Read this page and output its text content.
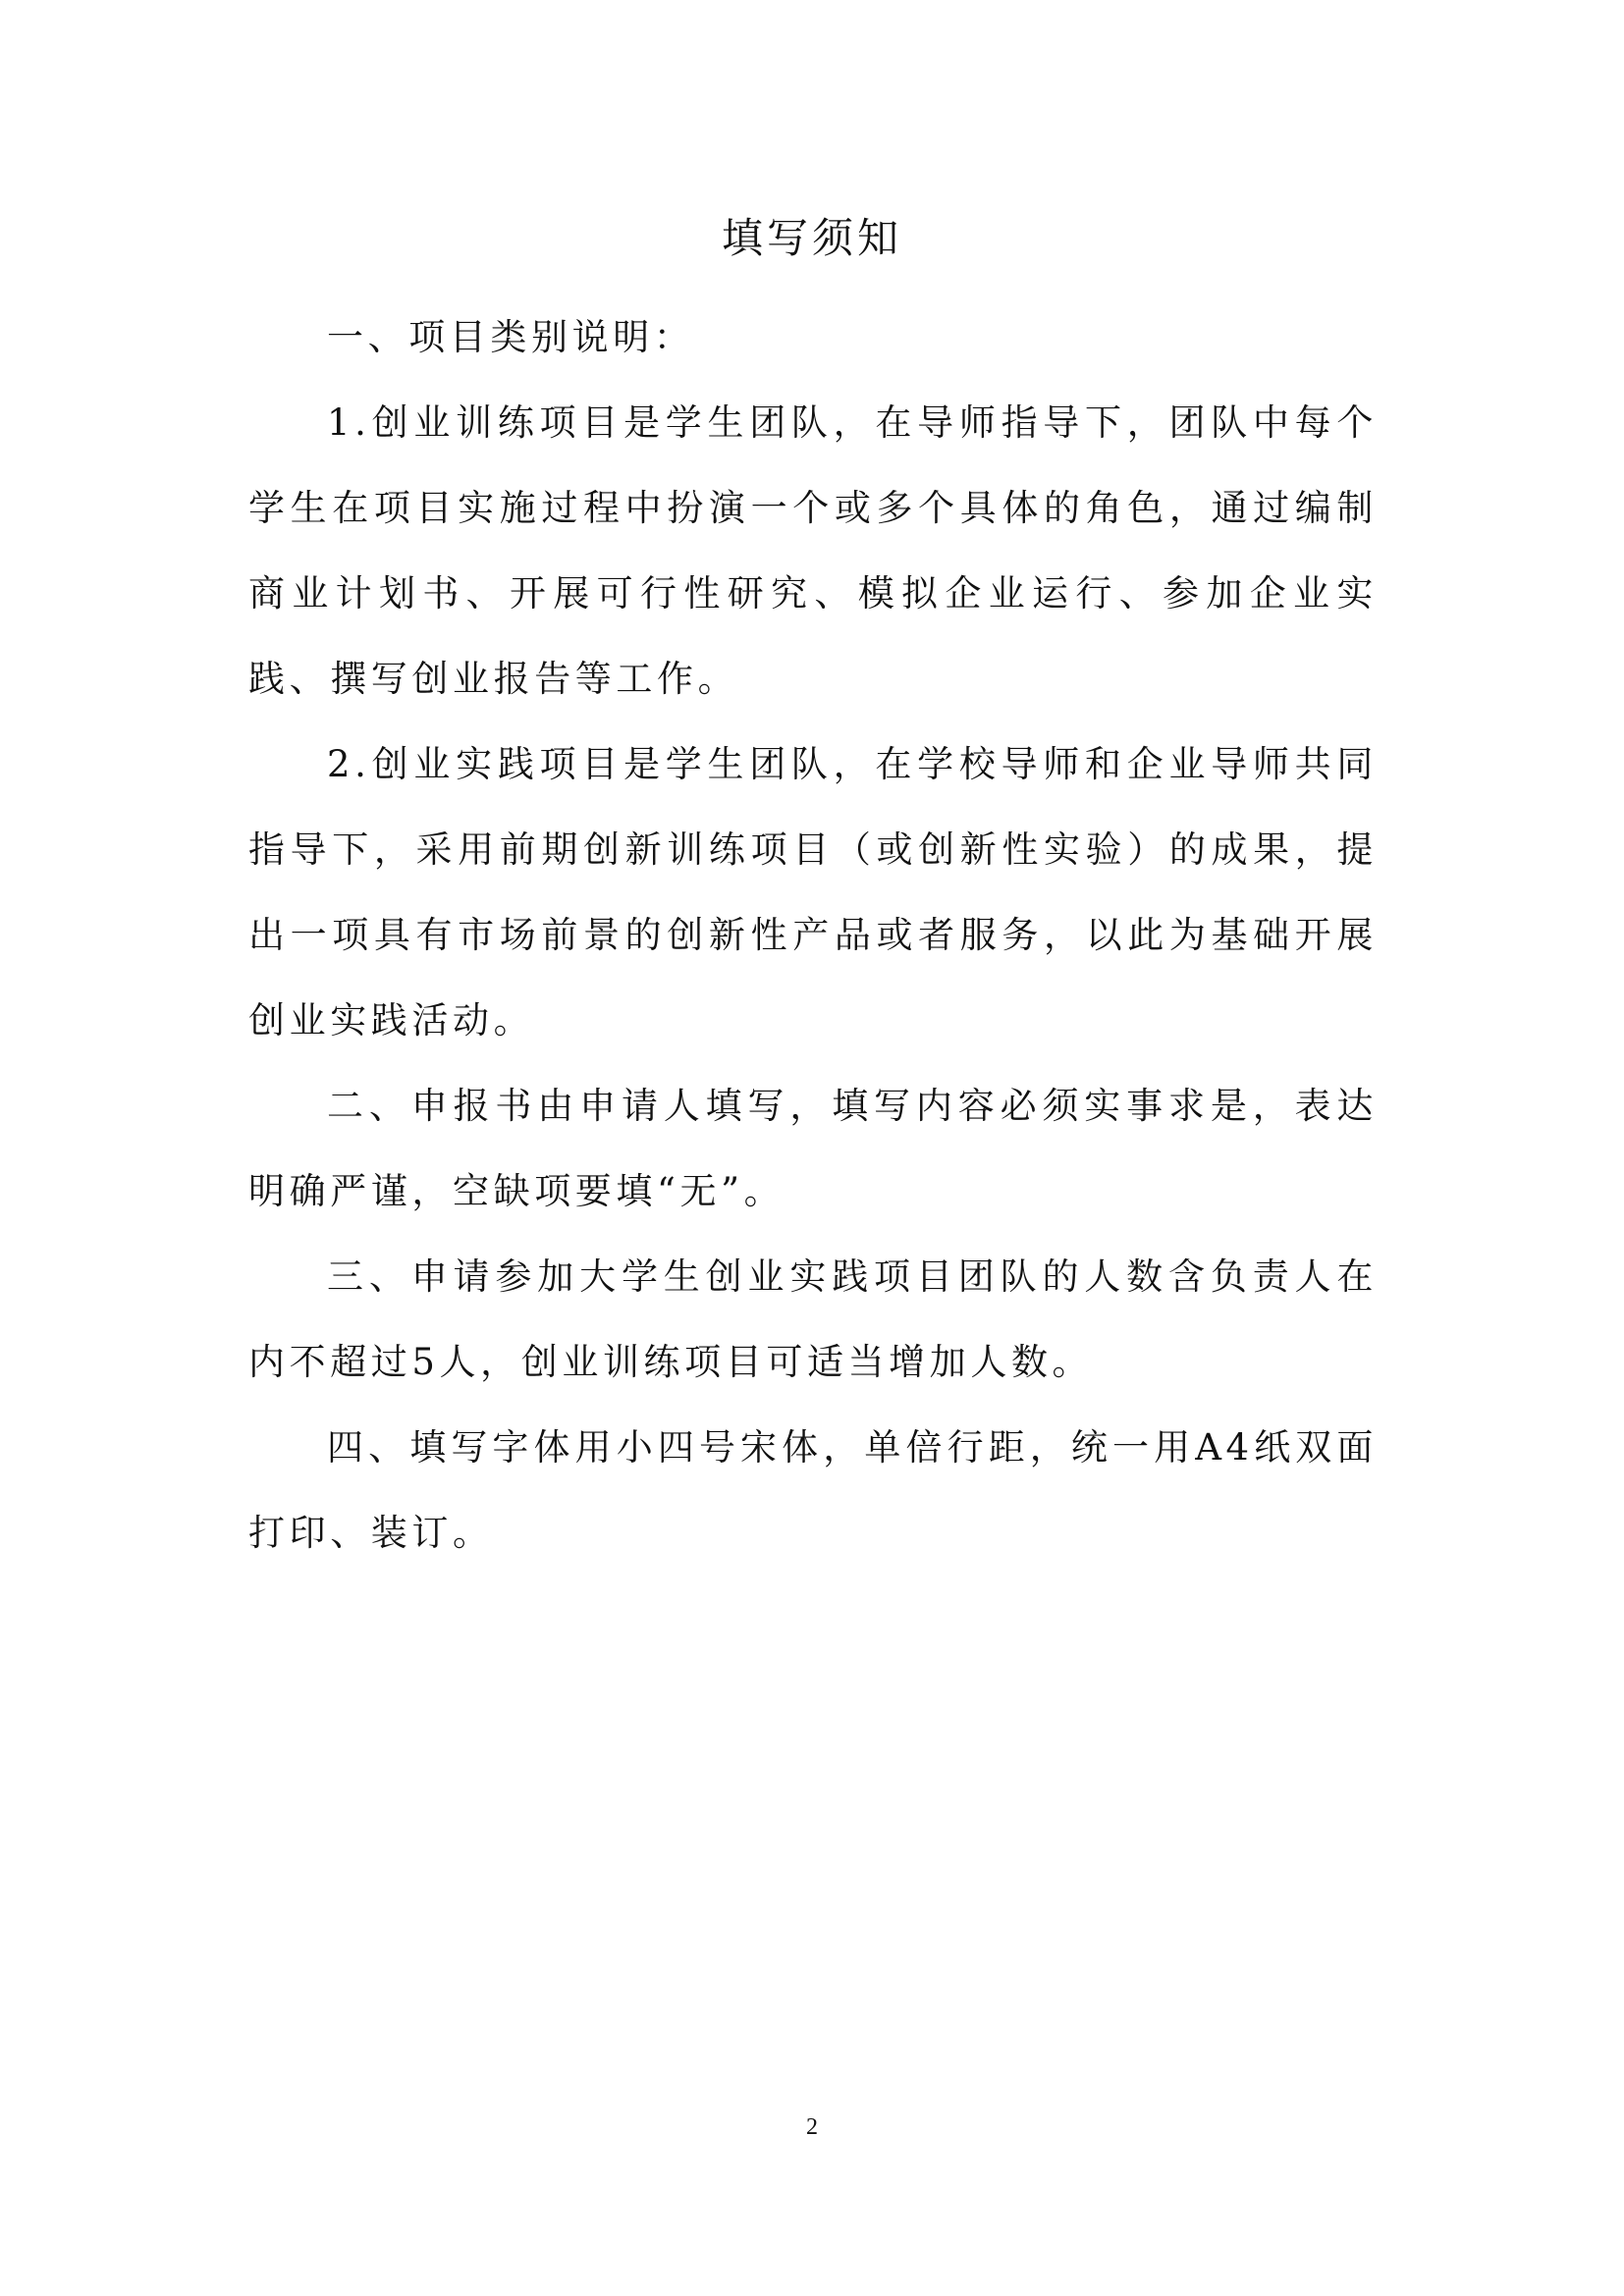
填写须知

一、项目类别说明：

1.创业训练项目是学生团队，在导师指导下，团队中每个学生在项目实施过程中扮演一个或多个具体的角色，通过编制商业计划书、开展可行性研究、模拟企业运行、参加企业实践、撰写创业报告等工作。

2.创业实践项目是学生团队，在学校导师和企业导师共同指导下，采用前期创新训练项目（或创新性实验）的成果，提出一项具有市场前景的创新性产品或者服务，以此为基础开展创业实践活动。

二、申报书由申请人填写，填写内容必须实事求是，表达明确严谨，空缺项要填“无”。

三、申请参加大学生创业实践项目团队的人数含负责人在内不超过5人，创业训练项目可适当增加人数。

四、填写字体用小四号宋体，单倍行距，统一用A4纸双面打印、装订。

2
